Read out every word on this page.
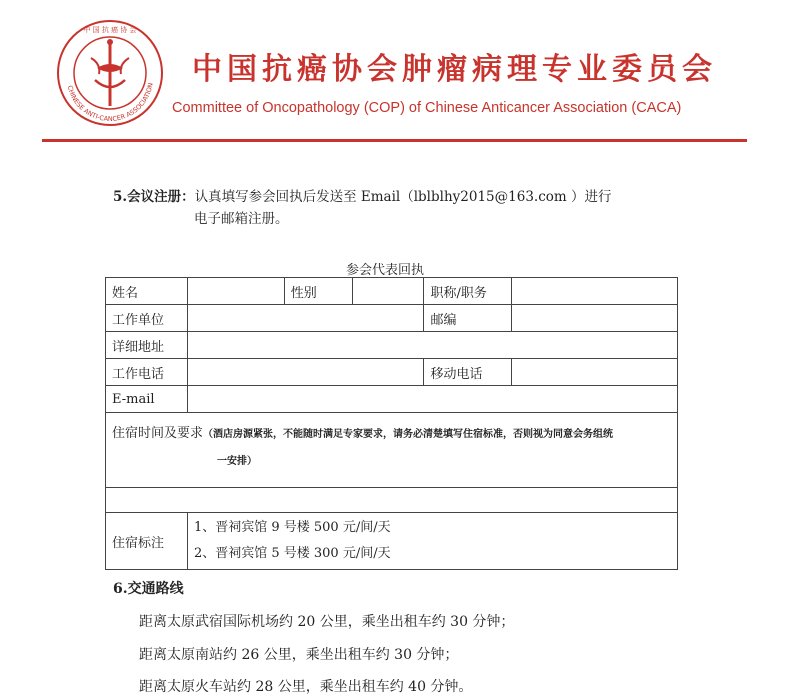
中 国 抗 癌 协 会
CHINESE ANTI-CANCER ASSOCIATION 中国抗癌协会肿瘤病理专业委员会
Committee of Oncopathology (COP) of Chinese Anticancer Association (CACA)
5.会议注册：认真填写参会回执后发送至 Email（lblblhy2015@163.com ）进行
电子邮箱注册。
参会代表回执
姓名		性别		职称/职务	
工作单位				邮编	
详细地址					
工作电话				移动电话	
E-mail					
住宿时间及要求（酒店房源紧张，不能随时满足专家要求，请务必清楚填写住宿标准，否则视为同意会务组统
一安排）					

住宿标注	1、晋祠宾馆 9 号楼 500 元/间/天
2、晋祠宾馆 5 号楼 300 元/间/天				
6.交通路线
距离太原武宿国际机场约 20 公里，乘坐出租车约 30 分钟；
距离太原南站约 26 公里，乘坐出租车约 30 分钟；
距离太原火车站约 28 公里，乘坐出租车约 40 分钟。
